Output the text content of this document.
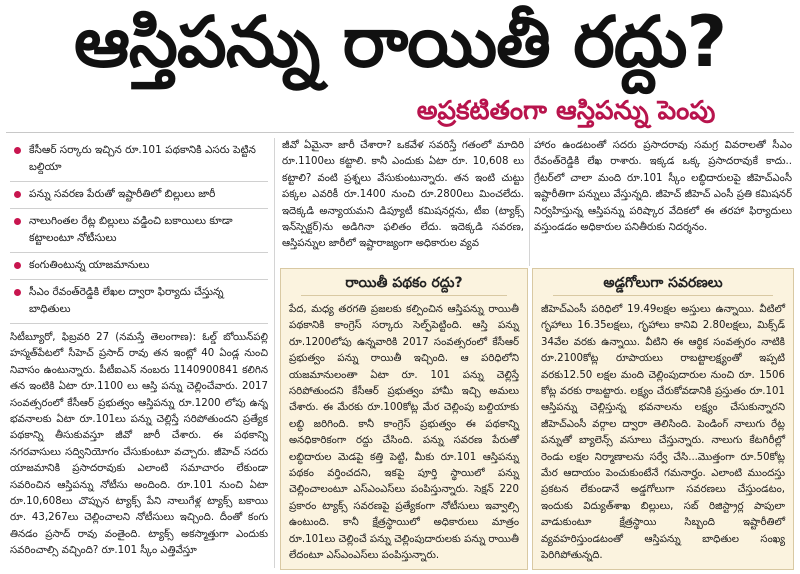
ఆస్తిపన్ను రాయితీ రద్దు?
అప్రకటితంగా ఆస్తిపన్ను పెంపు
కేసీఆర్ సర్కారు ఇచ్చిన రూ.101 పథకానికి ఎసరు పెట్టిన బల్దియా
పన్ను సవరణ పేరుతో ఇష్టారీతిలో బిల్లులు జారీ
నాలుగింతల రేట్ల బిల్లులు వడ్డించి బకాయిలు కూడా కట్టాలంటూ నోటీసులు
కంగుతింటున్న యాజమానులు
సీఎం రేవంత్‌రెడ్డికి లేఖల ద్వారా ఫిర్యాదు చేస్తున్న బాధితులు
సిటీబ్యూరో, ఫిబ్రవరి 27 (నమస్తే తెలంగాణ): ఓల్డ్ బోయిన్‌పల్లి హస్మత్‌పేటలో సీహెచ్ ప్రసాద్ రావు తన ఇంట్లో 40 ఏండ్ల నుంచి నివాసం ఉంటున్నారు. పీటీఐఎన్ నంబరు 1140900841 కలిగిన తన ఇంటికి ఏటా రూ.1100 లు ఆస్తి పన్ను చెల్లించేవారు. 2017 సంవత్సరంలో కేసీఆర్ ప్రభుత్వం ఆస్తిపన్ను రూ.1200 లోపు ఉన్న భవనాలకు ఏటా రూ.101లు పన్ను చెల్లిస్తే సరిపోతుందని ప్రత్యేక పథకాన్ని తీసుకువస్తూ జీవో జారీ చేశారు. ఈ పథకాన్ని నగరవాసులు సద్వినియోగం చేసుకుంటూ వచ్చారు. జీహెచ్ సదరు యాజమానికి ప్రసాదరావుకు ఎలాంటి సమాచారం లేకుండా సవరించిన ఆస్తిపన్ను నోటీసు అందింది. రూ.101 నుంచి ఏటా రూ.10,608లు చొప్పున ట్యాక్స్ పేని నాలుగేళ్ల ట్యాక్స్ బకాయి రూ. 43,267లు చెల్లించాలని నోటీసులు ఇచ్చింది. దీంతో కంగు తినడం ప్రసాద్ రావు వంతైంది. ట్యాక్స్ అకస్మాత్తుగా ఎందుకు సవరించాల్సి వచ్చింది? రూ.101 స్కీం ఎత్తివేస్తూ
జీవో ఏమైనా జారీ చేశారా? ఒకవేళ సవరిస్తే గతంలో మాదిరి రూ.1100లు కట్టాలి. కానీ ఎందుకు ఏటా రూ. 10,608 లు కట్టాలి? వంటి ప్రశ్నలు వేసుకుంటున్నారు. తన ఇంటి చుట్టు పక్కల ఎవరికీ రూ.1400 నుంచి రూ.2800లు మించలేదు. ఇదెక్కడి అన్యాయమని డిప్యూటీ కమిషనర్లను, టీఐ (ట్యాక్స్ ఇన్‌స్పెక్టర్)ను అడిగినా ఫలితం లేదు. ఇదెక్కడి సవరణ, ఆస్తిపన్నుల జారీలో ఇష్టారాజ్యంగా అధికారుల వ్యవ
హారం ఉండటంతో సదరు ప్రసాదరావు సమగ్ర వివరాలతో సీఎం రేవంత్‌రెడ్డికి లేఖ రాశారు. ఇక్కడ ఒక్క ప్రసాదరావుకే కాదు.. గ్రేటర్‌లో చాలా మంది రూ.101 స్కీం లబ్ధిదారులపై జీహెచ్ఎంసీ ఇష్టారీతిగా పన్నులు వేస్తున్నది. జీహెచ్ జీహెచ్ ఎంసీ ప్రతి కమిషనర్ నిర్వహిస్తున్న ఆస్తిపన్ను పరిష్కార వేదికలో ఈ తరహా ఫిర్యాదులు వస్తుండడం అధికారుల పనితీరుకు నిదర్శనం.
రాయితీ పథకం రద్దు?
పేద, మధ్య తరగతి ప్రజలకు కల్పించిన ఆస్తిపన్ను రాయితీ పథకానికి కాంగ్రెస్ సర్కారు సెల్ఫ్‌పెట్టింది. ఆస్తి పన్ను రూ.1200లోపు ఉన్నవారికి 2017 సంవత్సరంలో కేసీఆర్ ప్రభుత్వం పన్ను రాయితీ ఇచ్చింది. ఆ పరిధిలోని యజమానులంతా ఏటా రూ. 101 పన్ను చెల్లిస్తే సరిపోతుందని కేసీఆర్ ప్రభుత్వం హామీ ఇచ్చి అమలు చేశారు. ఈ మేరకు రూ.100కోట్ల మేర చెల్లింపు బల్దియాకు లబ్ధి జరిగింది. కానీ కాంగ్రెస్ ప్రభుత్వం ఈ పథకాన్ని అనధికారికంగా రద్దు చేసింది. పన్ను సవరణ పేరుతో లబ్ధిదారుల మెడపై కత్తి పెట్టి, మీకు రూ.101 ఆస్తిపన్ను పథకం వర్తించదని, ఇకపై పూర్తి స్థాయిలో పన్ను చెల్లించాలంటూ ఎస్ఎంఎస్‌లు పంపిస్తున్నారు. సెక్షన్ 220 ప్రకారం ట్యాక్స్ సవరణపై ప్రత్యేకంగా నోటీసులు ఇవ్వాల్సి ఉంటుంది. కానీ క్షేత్రస్థాయిలో అధికారులు మాత్రం రూ.101లు చెల్లించే పన్ను చెల్లింపుదారులకు పన్ను రాయితీ లేదంటూ ఎస్ఎంఎస్‌లు పంపిస్తున్నారు.
అడ్డగోలుగా సవరణలు
జీహెచ్ఎంసీ పరిధిలో 19.49లక్షల అస్తులు ఉన్నాయి. వీటిలో గృహాలు 16.35లక్షలు, గృహాలు కానివి 2.80లక్షలు, మిక్స్‌డ్ 34వేల వరకు ఉన్నాయి. వీటిని ఈ ఆర్థిక సంవత్సరం నాటికి రూ.2100కోట్ల రూపాయలు రాబట్టాలక్ష్యంతో ఇప్పటి వరకు12.50 లక్షల మంది చెల్లింపుదారుల నుంచి రూ. 1506 కోట్ల వరకు రాబట్టారు. లక్ష్యం చేరుకోవడానికి ప్రస్తుతం రూ.101 ఆస్తిపన్ను చెల్లిస్తున్న భవనాలను లక్ష్యం చేసుకున్నారని జీహెచ్ఎంసీ వర్గాల ద్వారా తెలిసింది. పెండింగ్ నాలుగు రేట్ల పన్నుతో బ్యాలెన్స్ వసూలు చేస్తున్నారు. నాలుగు కేటగిరీల్లో రెండు లక్షల నిర్మాణాలను సర్వే చేసి...మొత్తంగా రూ.50కోట్ల మేర ఆదాయం పెంచుకుంటేనే గమనార్హం. ఎలాంటి ముందస్తు ప్రకటన లేకుండానే అడ్డగోలుగా సవరణలు చేస్తుండటం, ఇందుకు విద్యుత్‌శాఖ బిల్లులు, సబ్ రిజిస్ట్రార్ల పాపులా వాడుకుంటూ క్షేత్రస్థాయి సిబ్బంది ఇష్టారీతిలో వ్యవహరిస్తుండటంతో ఆస్తిపన్ను బాధితుల సంఖ్య పెరిగిపోతున్నది.
